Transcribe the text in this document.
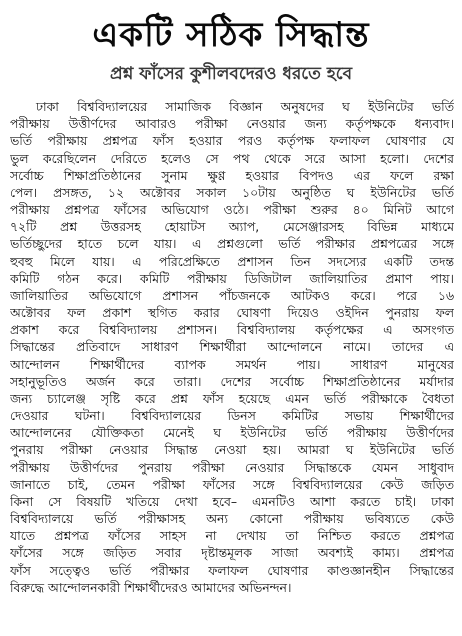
একটি সঠিক সিদ্ধান্ত
প্রশ্ন ফাঁসের কুশীলবদেরও ধরতে হবে
ঢাকা বিশ্ববিদ্যালয়ের সামাজিক বিজ্ঞান অনুষদের ঘ ইউনিটের ভর্তি
পরীক্ষায় উত্তীর্ণদের আবারও পরীক্ষা নেওয়ার জন্য কর্তৃপক্ষকে ধন্যবাদ।
ভর্তি পরীক্ষায় প্রশ্নপত্র ফাঁস হওয়ার পরও কর্তৃপক্ষ ফলাফল ঘোষণার যে
ভুল করেছিলেন দেরিতে হলেও সে পথ থেকে সরে আসা হলো। দেশের
সর্বোচ্চ শিক্ষাপ্রতিষ্ঠানের সুনাম ক্ষুণ্ণ হওয়ার বিপদও এর ফলে রক্ষা
পেল। প্রসঙ্গত, ১২ অক্টোবর সকাল ১০টায় অনুষ্ঠিত ঘ ইউনিটের ভর্তি
পরীক্ষায় প্রশ্নপত্র ফাঁসের অভিযোগ ওঠে। পরীক্ষা শুরুর ৪০ মিনিট আগে
৭২টি প্রশ্ন উত্তরসহ হোয়াটস অ্যাপ, মেসেঞ্জারসহ বিভিন্ন মাধ্যমে
ভর্তিচ্ছুদের হাতে চলে যায়। এ প্রশ্নগুলো ভর্তি পরীক্ষার প্রশ্নপত্রের সঙ্গে
হুবহু মিলে যায়। এ পরিপ্রেক্ষিতে প্রশাসন তিন সদস্যের একটি তদন্ত
কমিটি গঠন করে। কমিটি পরীক্ষায় ডিজিটাল জালিয়াতির প্রমাণ পায়।
জালিয়াতির অভিযোগে প্রশাসন পাঁচজনকে আটকও করে। পরে ১৬
অক্টোবর ফল প্রকাশ স্থগিত করার ঘোষণা দিয়েও ওইদিন পুনরায় ফল
প্রকাশ করে বিশ্ববিদ্যালয় প্রশাসন। বিশ্ববিদ্যালয় কর্তৃপক্ষের এ অসংগত
সিদ্ধান্তের প্রতিবাদে সাধারণ শিক্ষার্থীরা আন্দোলনে নামে। তাদের এ
আন্দোলন শিক্ষার্থীদের ব্যাপক সমর্থন পায়। সাধারণ মানুষের
সহানুভূতিও অর্জন করে তারা। দেশের সর্বোচ্চ শিক্ষাপ্রতিষ্ঠানের মর্যাদার
জন্য চ্যালেঞ্জ সৃষ্টি করে প্রশ্ন ফাঁস হয়েছে এমন ভর্তি পরীক্ষাকে বৈধতা
দেওয়ার ঘটনা। বিশ্ববিদ্যালয়ের ডিনস কমিটির সভায় শিক্ষার্থীদের
আন্দোলনের যৌক্তিকতা মেনেই ঘ ইউনিটের ভর্তি পরীক্ষায় উত্তীর্ণদের
পুনরায় পরীক্ষা নেওয়ার সিদ্ধান্ত নেওয়া হয়। আমরা ঘ ইউনিটের ভর্তি
পরীক্ষায় উত্তীর্ণদের পুনরায় পরীক্ষা নেওয়ার সিদ্ধান্তকে যেমন সাধুবাদ
জানাতে চাই, তেমন পরীক্ষা ফাঁসের সঙ্গে বিশ্ববিদ্যালয়ের কেউ জড়িত
কিনা সে বিষয়টি খতিয়ে দেখা হবে– এমনটিও আশা করতে চাই। ঢাকা
বিশ্ববিদ্যালয়ে ভর্তি পরীক্ষাসহ অন্য কোনো পরীক্ষায় ভবিষ্যতে কেউ
যাতে প্রশ্নপত্র ফাঁসের সাহস না দেখায় তা নিশ্চিত করতে প্রশ্নপত্র
ফাঁসের সঙ্গে জড়িত সবার দৃষ্টান্তমূলক সাজা অবশ্যই কাম্য। প্রশ্নপত্র
ফাঁস সত্ত্বেও ভর্তি পরীক্ষার ফলাফল ঘোষণার কাণ্ডজ্ঞানহীন সিদ্ধান্তের
বিরুদ্ধে আন্দোলনকারী শিক্ষার্থীদেরও আমাদের অভিনন্দন।
